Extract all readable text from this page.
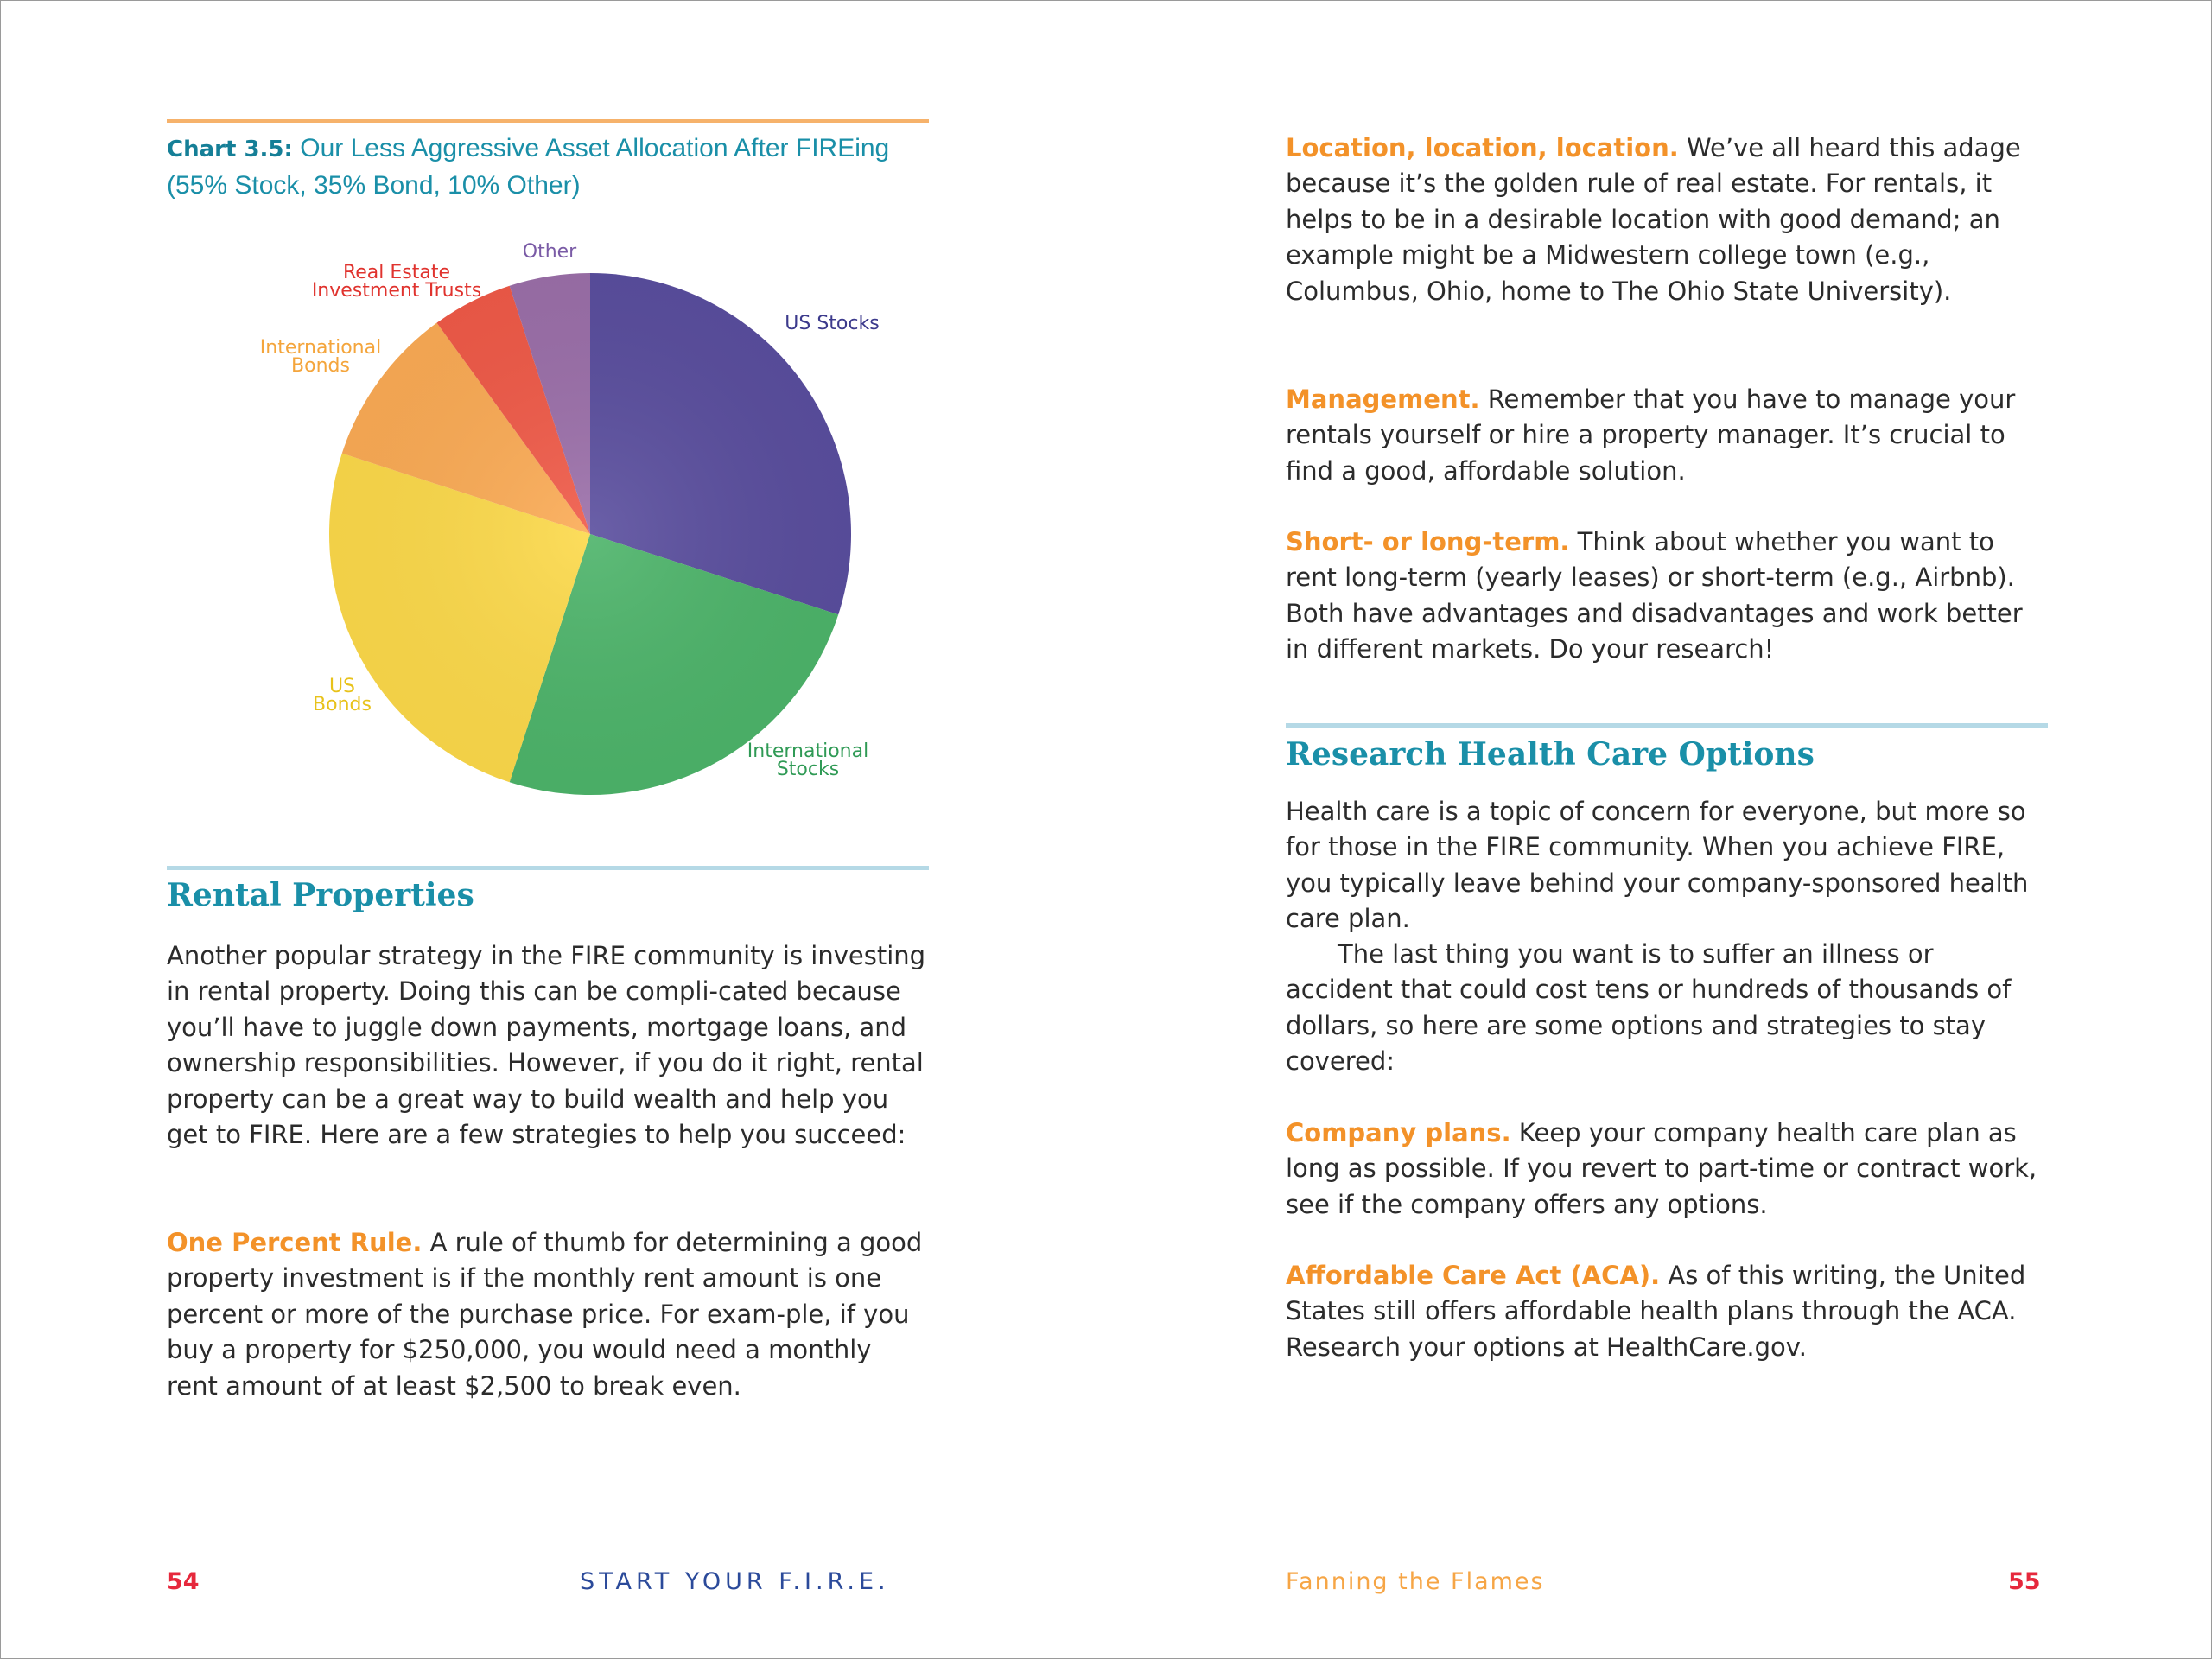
Chart 3.5: Our Less Aggressive Asset Allocation After FIREing (55% Stock, 35% Bond, 10% Other)
US Stocks
International Stocks
US Bonds
International Bonds
Real Estate Investment Trusts
Other
Rental Properties

Another popular strategy in the FIRE community is investing in rental property. Doing this can be compli-cated because you’ll have to juggle down payments, mortgage loans, and ownership responsibilities. However, if you do it right, rental property can be a great way to build wealth and help you get to FIRE. Here are a few strategies to help you succeed:

One Percent Rule. A rule of thumb for determining a good property investment is if the monthly rent amount is one percent or more of the purchase price. For exam-ple, if you buy a property for $250,000, you would need a monthly rent amount of at least $2,500 to break even.

54	START YOUR F.I.R.E.

Location, location, location. We’ve all heard this adage because it’s the golden rule of real estate. For rentals, it helps to be in a desirable location with good demand; an example might be a Midwestern college town (e.g., Columbus, Ohio, home to The Ohio State University).

Management. Remember that you have to manage your rentals yourself or hire a property manager. It’s crucial to find a good, affordable solution.

Short- or long-term. Think about whether you want to rent long-term (yearly leases) or short-term (e.g., Airbnb). Both have advantages and disadvantages and work better in different markets. Do your research!

Research Health Care Options

Health care is a topic of concern for everyone, but more so for those in the FIRE community. When you achieve FIRE, you typically leave behind your company-sponsored health care plan.

The last thing you want is to suffer an illness or accident that could cost tens or hundreds of thousands of dollars, so here are some options and strategies to stay covered:

Company plans. Keep your company health care plan as long as possible. If you revert to part-time or contract work, see if the company offers any options.

Affordable Care Act (ACA). As of this writing, the United States still offers affordable health plans through the ACA. Research your options at HealthCare.gov.

Fanning the Flames	55
